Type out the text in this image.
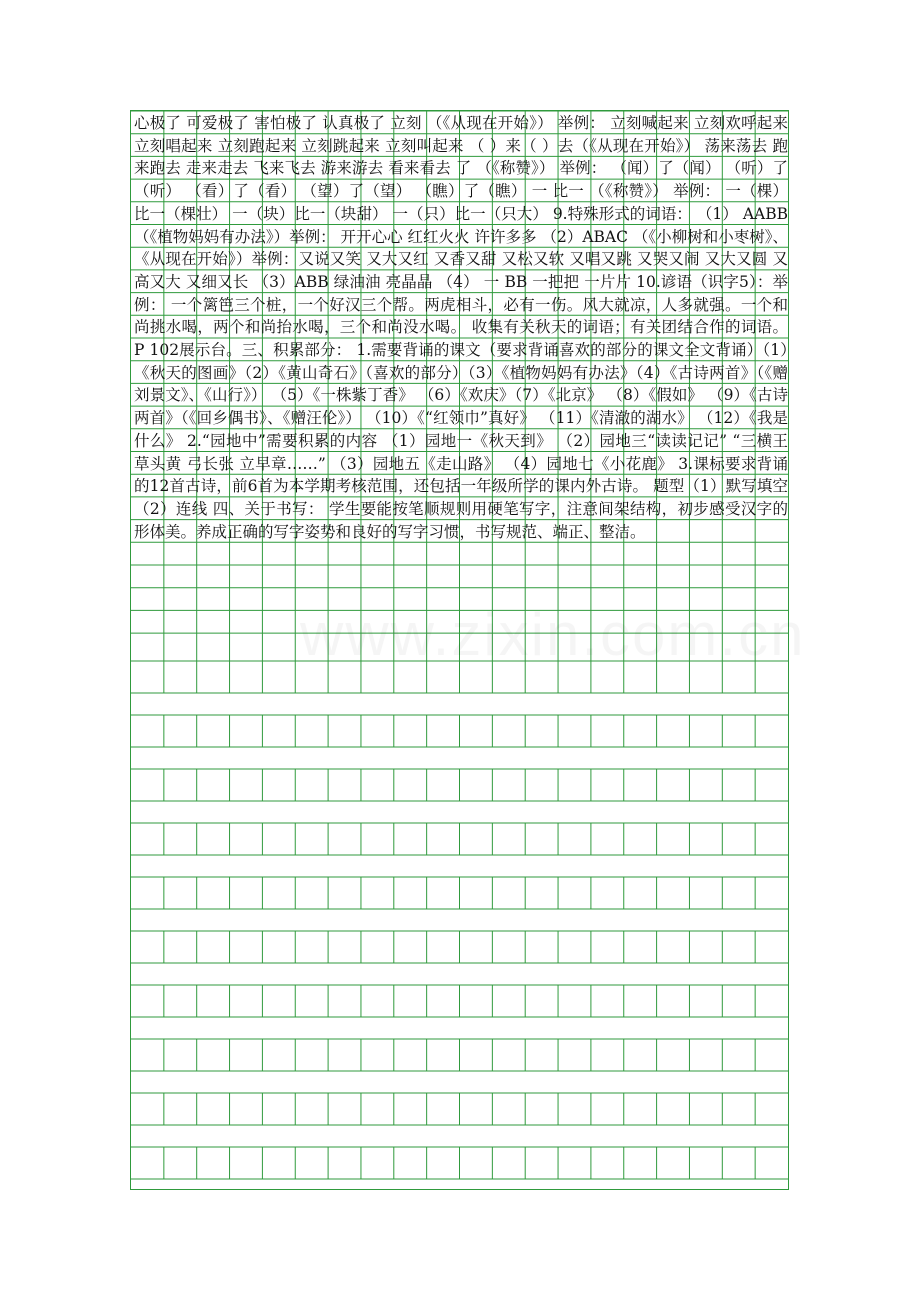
心极了 可爱极了 害怕极了 认真极了 立刻 （《从现在开始》） 举例： 立刻喊起来 立刻欢呼起来 立刻唱起来 立刻跑起来 立刻跳起来 立刻叫起来 （ ）来（ ）去（《从现在开始》） 荡来荡去 跑来跑去 走来走去 飞来飞去 游来游去 看来看去 了 （《称赞》） 举例： （闻）了（闻） （听）了（听） （看）了（看） （望）了（望） （瞧）了（瞧） 一 比一 （《称赞》） 举例： 一（棵）比一（棵壮） 一（块）比一（块甜） 一（只）比一（只大） 9.特殊形式的词语： （1） AABB （《植物妈妈有办法》）举例： 开开心心 红红火火 许许多多 （2）ABAC （《小柳树和小枣树》、《从现在开始》）举例：又说又笑 又大又红 又香又甜 又松又软 又唱又跳 又哭又闹 又大又圆 又高又大 又细又长 （3）ABB 绿油油 亮晶晶 （4） 一 BB 一把把 一片片 10.谚语（识字5）：举例： 一个篱笆三个桩，一个好汉三个帮。两虎相斗，必有一伤。风大就凉，人多就强。一个和尚挑水喝，两个和尚抬水喝，三个和尚没水喝。 收集有关秋天的词语；有关团结合作的词语。 P 102展示台。三、积累部分： 1.需要背诵的课文（要求背诵喜欢的部分的课文全文背诵）（1）《秋天的图画》（2）《黄山奇石》（喜欢的部分）（3）《植物妈妈有办法》（4）《古诗两首》（《赠刘景文》、《山行》） （5）《一株紫丁香》 （6）《欢庆》（7）《北京》 （8）《假如》 （9）《古诗两首》（《回乡偶书》、《赠汪伦》） （10）《“红领巾”真好》 （11）《清澈的湖水》 （12）《我是什么》 2.“园地中”需要积累的内容 （1）园地一《秋天到》 （2）园地三“读读记记” “三横王 草头黄 弓长张 立早章……” （3）园地五《走山路》 （4）园地七《小花鹿》 3.课标要求背诵的12首古诗，前6首为本学期考核范围，还包括一年级所学的课内外古诗。 题型（1）默写填空 （2）连线 四、关于书写： 学生要能按笔顺规则用硬笔写字，注意间架结构，初步感受汉字的形体美。养成正确的写字姿势和良好的写字习惯，书写规范、端正、整洁。
